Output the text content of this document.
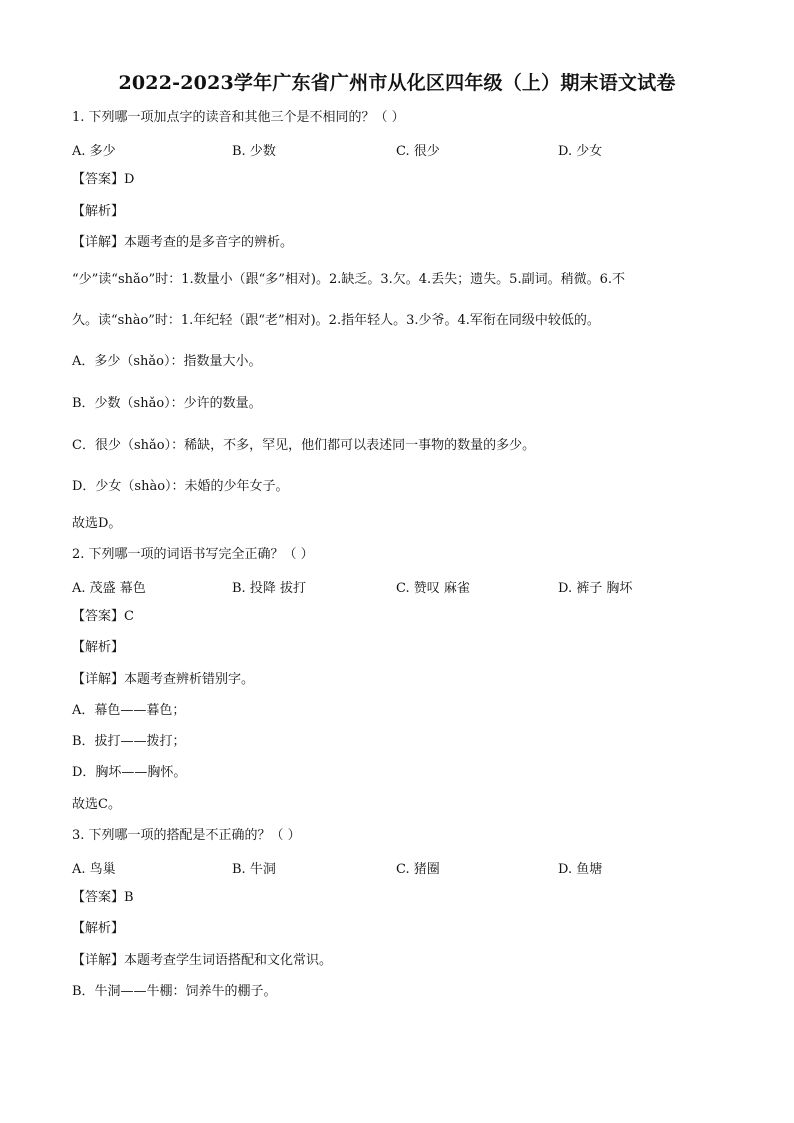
2022-2023学年广东省广州市从化区四年级（上）期末语文试卷
1. 下列哪一项加点字的读音和其他三个是不相同的？（ ）
A. 多少	B. 少数	C. 很少	D. 少女
【答案】D
【解析】
【详解】本题考查的是多音字的辨析。
“少”读“shǎo”时：1.数量小（跟“多”相对)。2.缺乏。3.欠。4.丢失；遗失。5.副词。稍微。6.不
久。读“shào”时：1.年纪轻（跟“老”相对)。2.指年轻人。3.少爷。4.军衔在同级中较低的。
A．多少（shǎo）：指数量大小。
B．少数（shǎo）：少许的数量。
C．很少（shǎo）：稀缺，不多，罕见，他们都可以表述同一事物的数量的多少。
D．少女（shào）：未婚的少年女子。
故选D。
2. 下列哪一项的词语书写完全正确？（ ）
A. 茂盛 幕色	B. 投降 拔打	C. 赞叹 麻雀	D. 裤子 胸坏
【答案】C
【解析】
【详解】本题考查辨析错别字。
A．幕色——暮色；
B．拔打——拨打；
D．胸坏——胸怀。
故选C。
3. 下列哪一项的搭配是不正确的？（ ）
A. 鸟巢	B. 牛洞	C. 猪圈	D. 鱼塘
【答案】B
【解析】
【详解】本题考查学生词语搭配和文化常识。
B．牛洞——牛棚：饲养牛的棚子。
